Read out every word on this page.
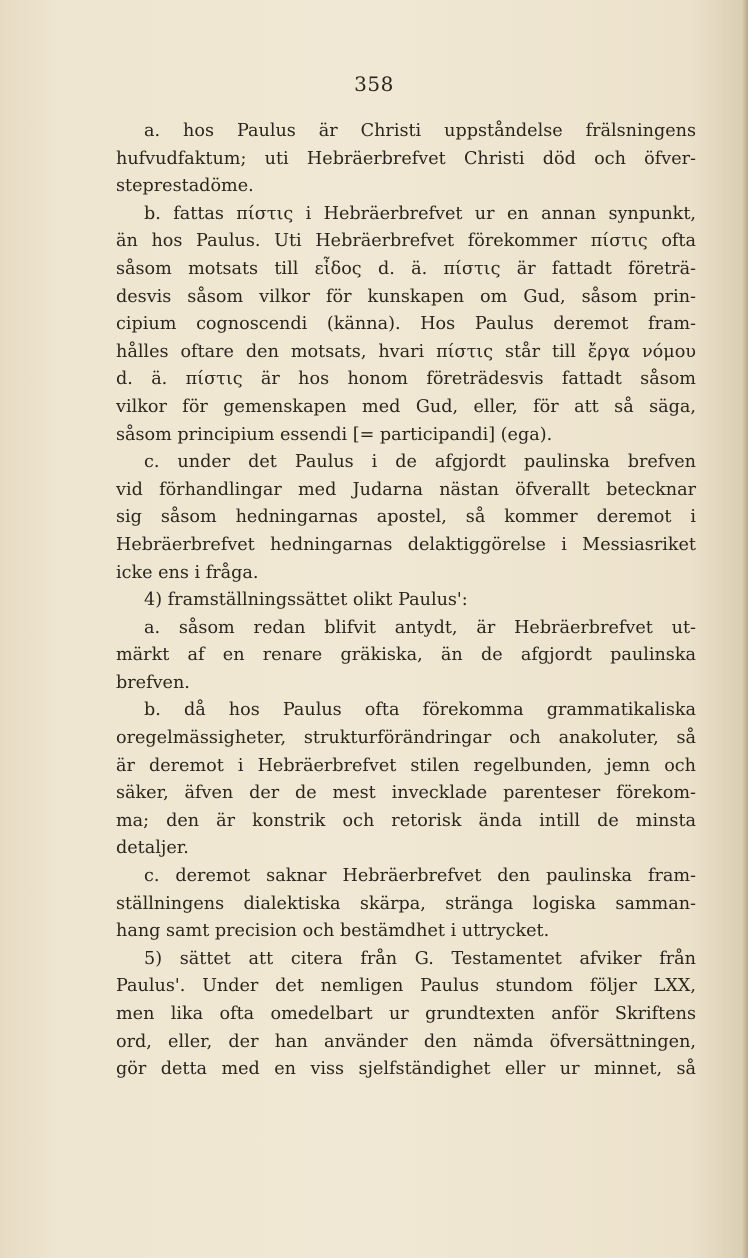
358
a. hos Paulus är Christi uppståndelse frälsningens
hufvudfaktum; uti Hebräerbrefvet Christi död och öfver-
steprestadöme.
b. fattas πίστις i Hebräerbrefvet ur en annan synpunkt,
än hos Paulus. Uti Hebräerbrefvet förekommer πίστις ofta
såsom motsats till εἶδος d. ä. πίστις är fattadt företrä-
desvis såsom vilkor för kunskapen om Gud, såsom prin-
cipium cognoscendi (känna). Hos Paulus deremot fram-
hålles oftare den motsats, hvari πίστις står till ἔργα νόμου
d. ä. πίστις är hos honom företrädesvis fattadt såsom
vilkor för gemenskapen med Gud, eller, för att så säga,
såsom principium essendi [= participandi] (ega).
c. under det Paulus i de afgjordt paulinska brefven
vid förhandlingar med Judarna nästan öfverallt betecknar
sig såsom hedningarnas apostel, så kommer deremot i
Hebräerbrefvet hedningarnas delaktiggörelse i Messiasriket
icke ens i fråga.
4) framställningssättet olikt Paulus':
a. såsom redan blifvit antydt, är Hebräerbrefvet ut-
märkt af en renare gräkiska, än de afgjordt paulinska
brefven.
b. då hos Paulus ofta förekomma grammatikaliska
oregelmässigheter, strukturförändringar och anakoluter, så
är deremot i Hebräerbrefvet stilen regelbunden, jemn och
säker, äfven der de mest invecklade parenteser förekom-
ma; den är konstrik och retorisk ända intill de minsta
detaljer.
c. deremot saknar Hebräerbrefvet den paulinska fram-
ställningens dialektiska skärpa, stränga logiska samman-
hang samt precision och bestämdhet i uttrycket.
5) sättet att citera från G. Testamentet afviker från
Paulus'. Under det nemligen Paulus stundom följer LXX,
men lika ofta omedelbart ur grundtexten anför Skriftens
ord, eller, der han använder den nämda öfversättningen,
gör detta med en viss sjelfständighet eller ur minnet, så
